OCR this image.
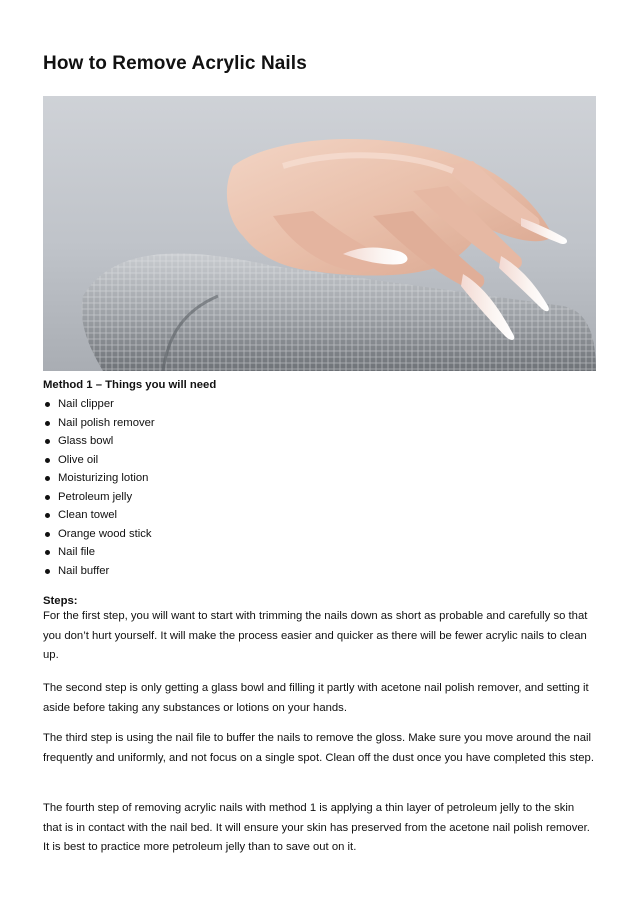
How to Remove Acrylic Nails
Method 1 – Things you will need
Nail clipper
Nail polish remover
Glass bowl
Olive oil
Moisturizing lotion
Petroleum jelly
Clean towel
Orange wood stick
Nail file
Nail buffer
Steps:

For the first step, you will want to start with trimming the nails down as short as probable and carefully so that you don’t hurt yourself. It will make the process easier and quicker as there will be fewer acrylic nails to clean up.

The second step is only getting a glass bowl and filling it partly with acetone nail polish remover, and setting it aside before taking any substances or lotions on your hands.

The third step is using the nail file to buffer the nails to remove the gloss. Make sure you move around the nail frequently and uniformly, and not focus on a single spot. Clean off the dust once you have completed this step.

The fourth step of removing acrylic nails with method 1 is applying a thin layer of petroleum jelly to the skin that is in contact with the nail bed. It will ensure your skin has preserved from the acetone nail polish remover. It is best to practice more petroleum jelly than to save out on it.
